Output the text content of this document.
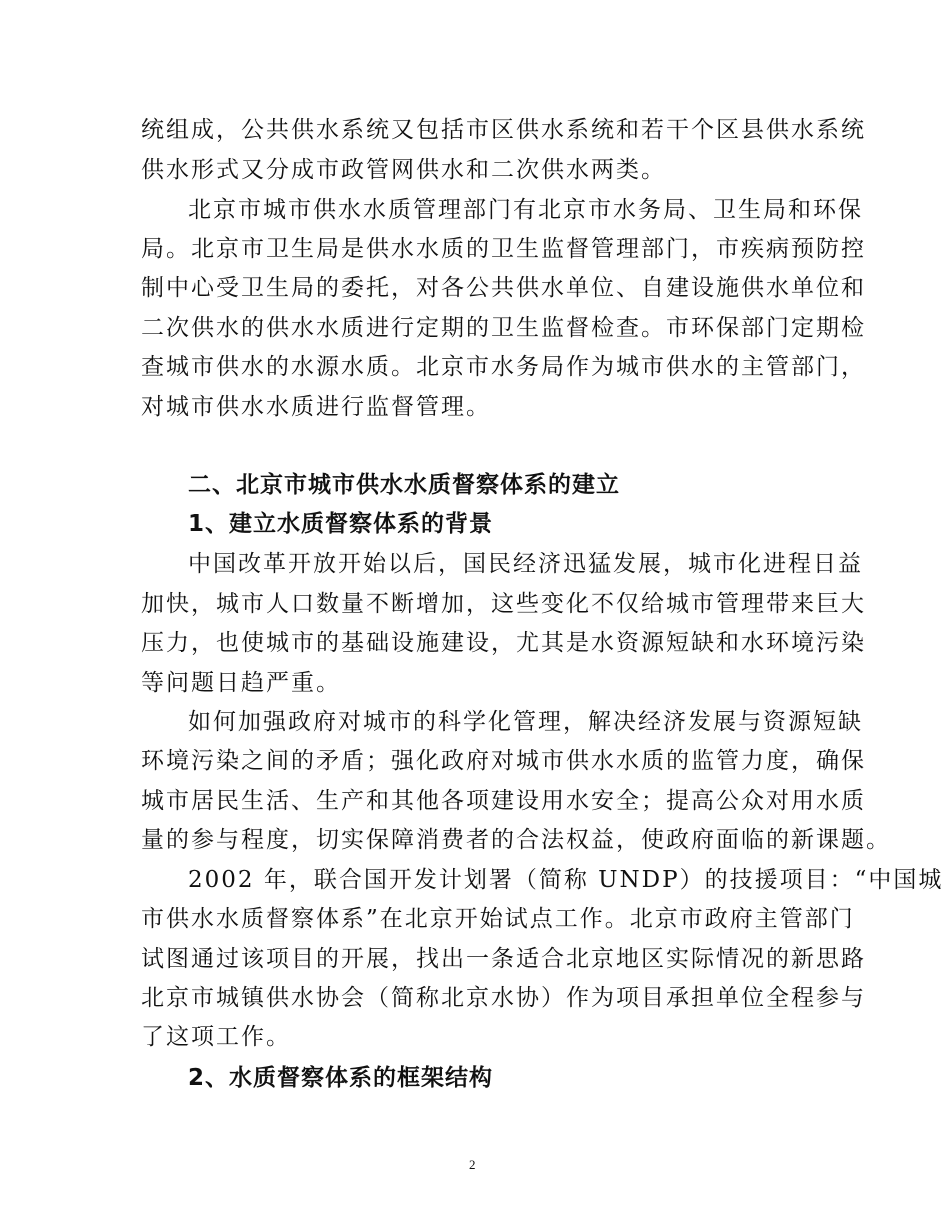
统组成，公共供水系统又包括市区供水系统和若干个区县供水系统
供水形式又分成市政管网供水和二次供水两类。
北京市城市供水水质管理部门有北京市水务局、卫生局和环保
局。北京市卫生局是供水水质的卫生监督管理部门，市疾病预防控
制中心受卫生局的委托，对各公共供水单位、自建设施供水单位和
二次供水的供水水质进行定期的卫生监督检查。市环保部门定期检
查城市供水的水源水质。北京市水务局作为城市供水的主管部门，
对城市供水水质进行监督管理。
二、北京市城市供水水质督察体系的建立
1、建立水质督察体系的背景
中国改革开放开始以后，国民经济迅猛发展，城市化进程日益
加快，城市人口数量不断增加，这些变化不仅给城市管理带来巨大
压力，也使城市的基础设施建设，尤其是水资源短缺和水环境污染
等问题日趋严重。
如何加强政府对城市的科学化管理，解决经济发展与资源短缺
环境污染之间的矛盾；强化政府对城市供水水质的监管力度，确保
城市居民生活、生产和其他各项建设用水安全；提高公众对用水质
量的参与程度，切实保障消费者的合法权益，使政府面临的新课题。
2002 年，联合国开发计划署（简称 UNDP）的技援项目：“中国城
市供水水质督察体系”在北京开始试点工作。北京市政府主管部门
试图通过该项目的开展，找出一条适合北京地区实际情况的新思路
北京市城镇供水协会（简称北京水协）作为项目承担单位全程参与
了这项工作。
2、水质督察体系的框架结构
2
